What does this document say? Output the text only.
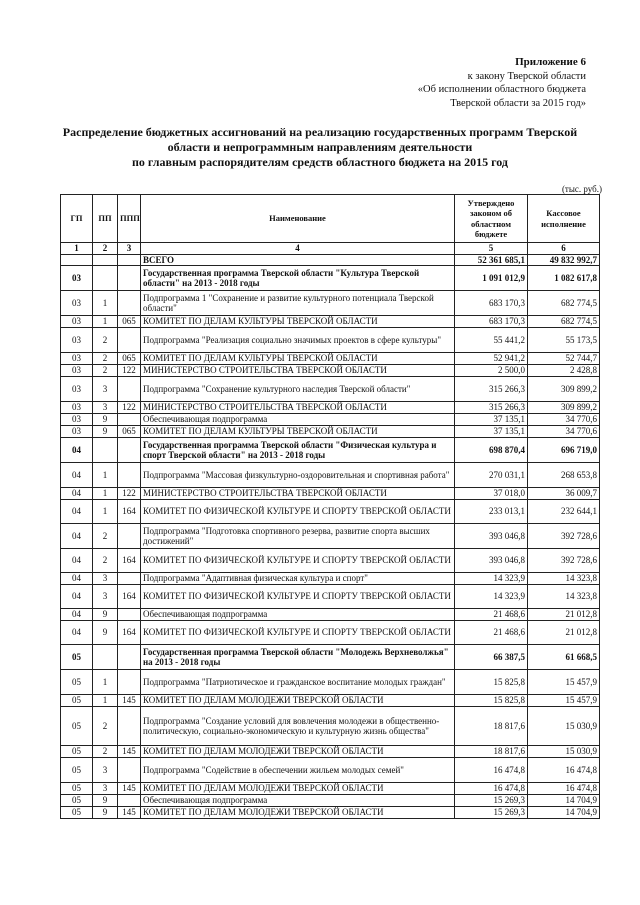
Приложение 6
к закону Тверской области
«Об исполнении областного бюджета
Тверской области за 2015 год»
Распределение бюджетных ассигнований на реализацию государственных программ Тверской
области и непрограммным направлениям деятельности
по главным распорядителям средств областного бюджета на 2015 год
(тыс. руб.)
ГП	ПП	ППП	Наименование	Утверждено законом об областном бюджете	Кассовое исполнение
1	2	3	4	5	6
			ВСЕГО	52 361 685,1	49 832 992,7
03			Государственная программа Тверской области "Культура Тверской области" на 2013 - 2018 годы	1 091 012,9	1 082 617,8
03	1		Подпрограмма 1 "Сохранение и развитие культурного потенциала Тверской области"	683 170,3	682 774,5
03	1	065	КОМИТЕТ ПО ДЕЛАМ КУЛЬТУРЫ ТВЕРСКОЙ ОБЛАСТИ	683 170,3	682 774,5
03	2		Подпрограмма "Реализация социально значимых проектов в сфере культуры"	55 441,2	55 173,5
03	2	065	КОМИТЕТ ПО ДЕЛАМ КУЛЬТУРЫ ТВЕРСКОЙ ОБЛАСТИ	52 941,2	52 744,7
03	2	122	МИНИСТЕРСТВО СТРОИТЕЛЬСТВА ТВЕРСКОЙ ОБЛАСТИ	2 500,0	2 428,8
03	3		Подпрограмма "Сохранение культурного наследия Тверской области"	315 266,3	309 899,2
03	3	122	МИНИСТЕРСТВО СТРОИТЕЛЬСТВА ТВЕРСКОЙ ОБЛАСТИ	315 266,3	309 899,2
03	9		Обеспечивающая подпрограмма	37 135,1	34 770,6
03	9	065	КОМИТЕТ ПО ДЕЛАМ КУЛЬТУРЫ ТВЕРСКОЙ ОБЛАСТИ	37 135,1	34 770,6
04			Государственная программа Тверской области "Физическая культура и спорт Тверской области" на 2013 - 2018 годы	698 870,4	696 719,0
04	1		Подпрограмма "Массовая физкультурно-оздоровительная и спортивная работа"	270 031,1	268 653,8
04	1	122	МИНИСТЕРСТВО СТРОИТЕЛЬСТВА ТВЕРСКОЙ ОБЛАСТИ	37 018,0	36 009,7
04	1	164	КОМИТЕТ ПО ФИЗИЧЕСКОЙ КУЛЬТУРЕ И СПОРТУ ТВЕРСКОЙ ОБЛАСТИ	233 013,1	232 644,1
04	2		Подпрограмма "Подготовка спортивного резерва, развитие спорта высших достижений"	393 046,8	392 728,6
04	2	164	КОМИТЕТ ПО ФИЗИЧЕСКОЙ КУЛЬТУРЕ И СПОРТУ ТВЕРСКОЙ ОБЛАСТИ	393 046,8	392 728,6
04	3		Подпрограмма "Адаптивная физическая культура и спорт"	14 323,9	14 323,8
04	3	164	КОМИТЕТ ПО ФИЗИЧЕСКОЙ КУЛЬТУРЕ И СПОРТУ ТВЕРСКОЙ ОБЛАСТИ	14 323,9	14 323,8
04	9		Обеспечивающая подпрограмма	21 468,6	21 012,8
04	9	164	КОМИТЕТ ПО ФИЗИЧЕСКОЙ КУЛЬТУРЕ И СПОРТУ ТВЕРСКОЙ ОБЛАСТИ	21 468,6	21 012,8
05			Государственная программа Тверской области "Молодежь Верхневолжья" на 2013 - 2018 годы	66 387,5	61 668,5
05	1		Подпрограмма "Патриотическое и гражданское воспитание молодых граждан"	15 825,8	15 457,9
05	1	145	КОМИТЕТ ПО ДЕЛАМ МОЛОДЕЖИ ТВЕРСКОЙ ОБЛАСТИ	15 825,8	15 457,9
05	2		Подпрограмма "Создание условий для вовлечения молодежи в общественно-политическую, социально-экономическую и культурную жизнь общества"	18 817,6	15 030,9
05	2	145	КОМИТЕТ ПО ДЕЛАМ МОЛОДЕЖИ ТВЕРСКОЙ ОБЛАСТИ	18 817,6	15 030,9
05	3		Подпрограмма "Содействие в обеспечении жильем молодых семей"	16 474,8	16 474,8
05	3	145	КОМИТЕТ ПО ДЕЛАМ МОЛОДЕЖИ ТВЕРСКОЙ ОБЛАСТИ	16 474,8	16 474,8
05	9		Обеспечивающая подпрограмма	15 269,3	14 704,9
05	9	145	КОМИТЕТ ПО ДЕЛАМ МОЛОДЕЖИ ТВЕРСКОЙ ОБЛАСТИ	15 269,3	14 704,9
